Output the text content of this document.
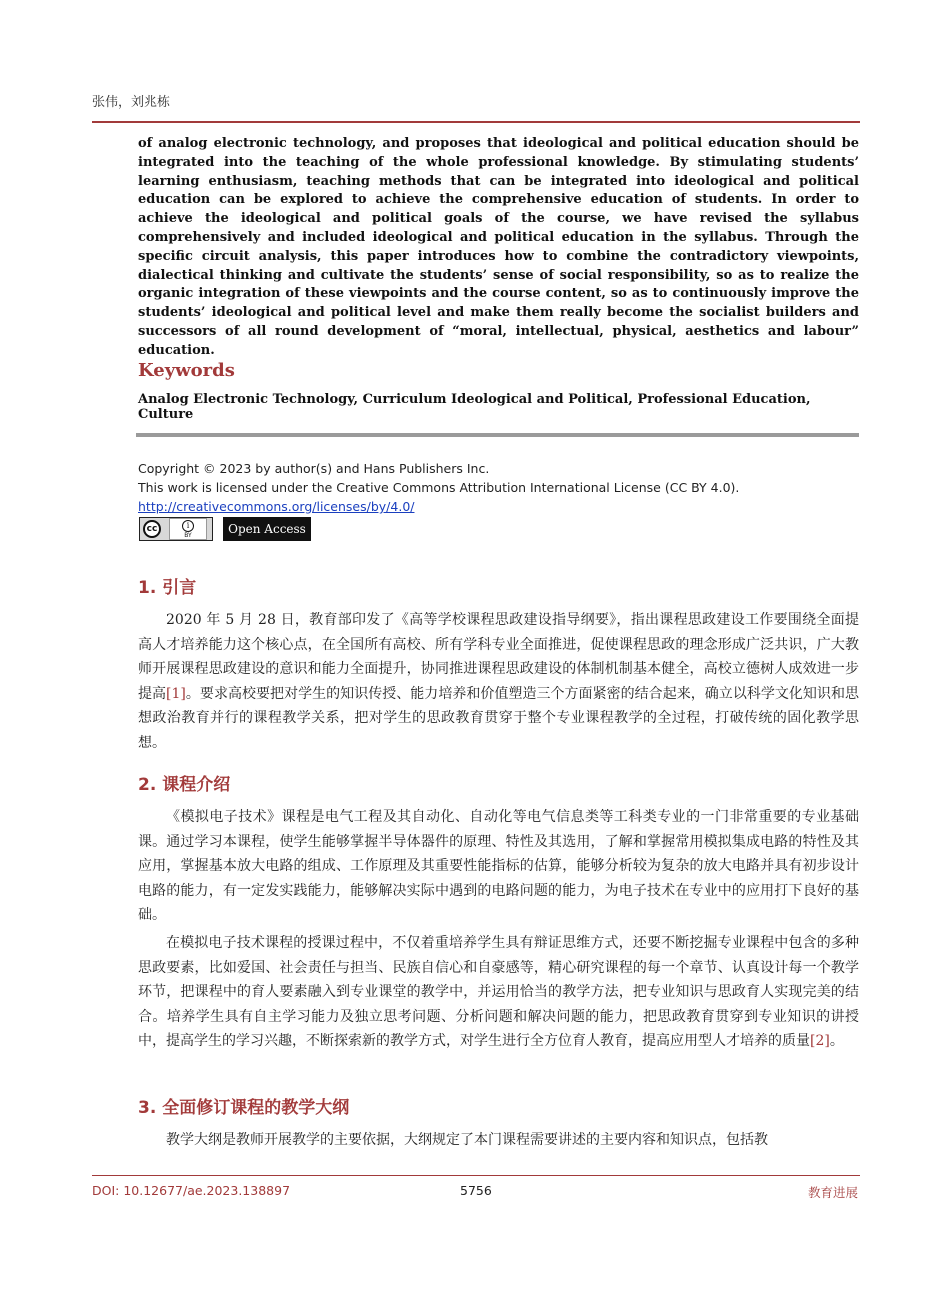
张伟，刘兆栋
of analog electronic technology, and proposes that ideological and political education should be integrated into the teaching of the whole professional knowledge. By stimulating students’ learning enthusiasm, teaching methods that can be integrated into ideological and political education can be explored to achieve the comprehensive education of students. In order to achieve the ideological and political goals of the course, we have revised the syllabus comprehensively and included ideological and political education in the syllabus. Through the specific circuit analysis, this paper introduces how to combine the contradictory viewpoints, dialectical thinking and cultivate the students’ sense of social responsibility, so as to realize the organic integration of these viewpoints and the course content, so as to continuously improve the students’ ideological and political level and make them really become the socialist builders and successors of all round development of “moral, intellectual, physical, aesthetics and labour” education.
Keywords
Analog Electronic Technology, Curriculum Ideological and Political, Professional Education, Culture
Copyright © 2023 by author(s) and Hans Publishers Inc.
This work is licensed under the Creative Commons Attribution International License (CC BY 4.0).
http://creativecommons.org/licenses/by/4.0/
cc	i
BY	Open Access
1. 引言
2020 年 5 月 28 日，教育部印发了《高等学校课程思政建设指导纲要》，指出课程思政建设工作要围绕全面提高人才培养能力这个核心点，在全国所有高校、所有学科专业全面推进，促使课程思政的理念形成广泛共识，广大教师开展课程思政建设的意识和能力全面提升，协同推进课程思政建设的体制机制基本健全，高校立德树人成效进一步提高[1]。要求高校要把对学生的知识传授、能力培养和价值塑造三个方面紧密的结合起来，确立以科学文化知识和思想政治教育并行的课程教学关系，把对学生的思政教育贯穿于整个专业课程教学的全过程，打破传统的固化教学思想。
2. 课程介绍
《模拟电子技术》课程是电气工程及其自动化、自动化等电气信息类等工科类专业的一门非常重要的专业基础课。通过学习本课程，使学生能够掌握半导体器件的原理、特性及其选用，了解和掌握常用模拟集成电路的特性及其应用，掌握基本放大电路的组成、工作原理及其重要性能指标的估算，能够分析较为复杂的放大电路并具有初步设计电路的能力，有一定发实践能力，能够解决实际中遇到的电路问题的能力，为电子技术在专业中的应用打下良好的基础。
在模拟电子技术课程的授课过程中，不仅着重培养学生具有辩证思维方式，还要不断挖掘专业课程中包含的多种思政要素，比如爱国、社会责任与担当、民族自信心和自豪感等，精心研究课程的每一个章节、认真设计每一个教学环节，把课程中的育人要素融入到专业课堂的教学中，并运用恰当的教学方法，把专业知识与思政育人实现完美的结合。培养学生具有自主学习能力及独立思考问题、分析问题和解决问题的能力，把思政教育贯穿到专业知识的讲授中，提高学生的学习兴趣，不断探索新的教学方式，对学生进行全方位育人教育，提高应用型人才培养的质量[2]。
3. 全面修订课程的教学大纲
教学大纲是教师开展教学的主要依据，大纲规定了本门课程需要讲述的主要内容和知识点，包括教
DOI: 10.12677/ae.2023.138897	5756	教育进展
